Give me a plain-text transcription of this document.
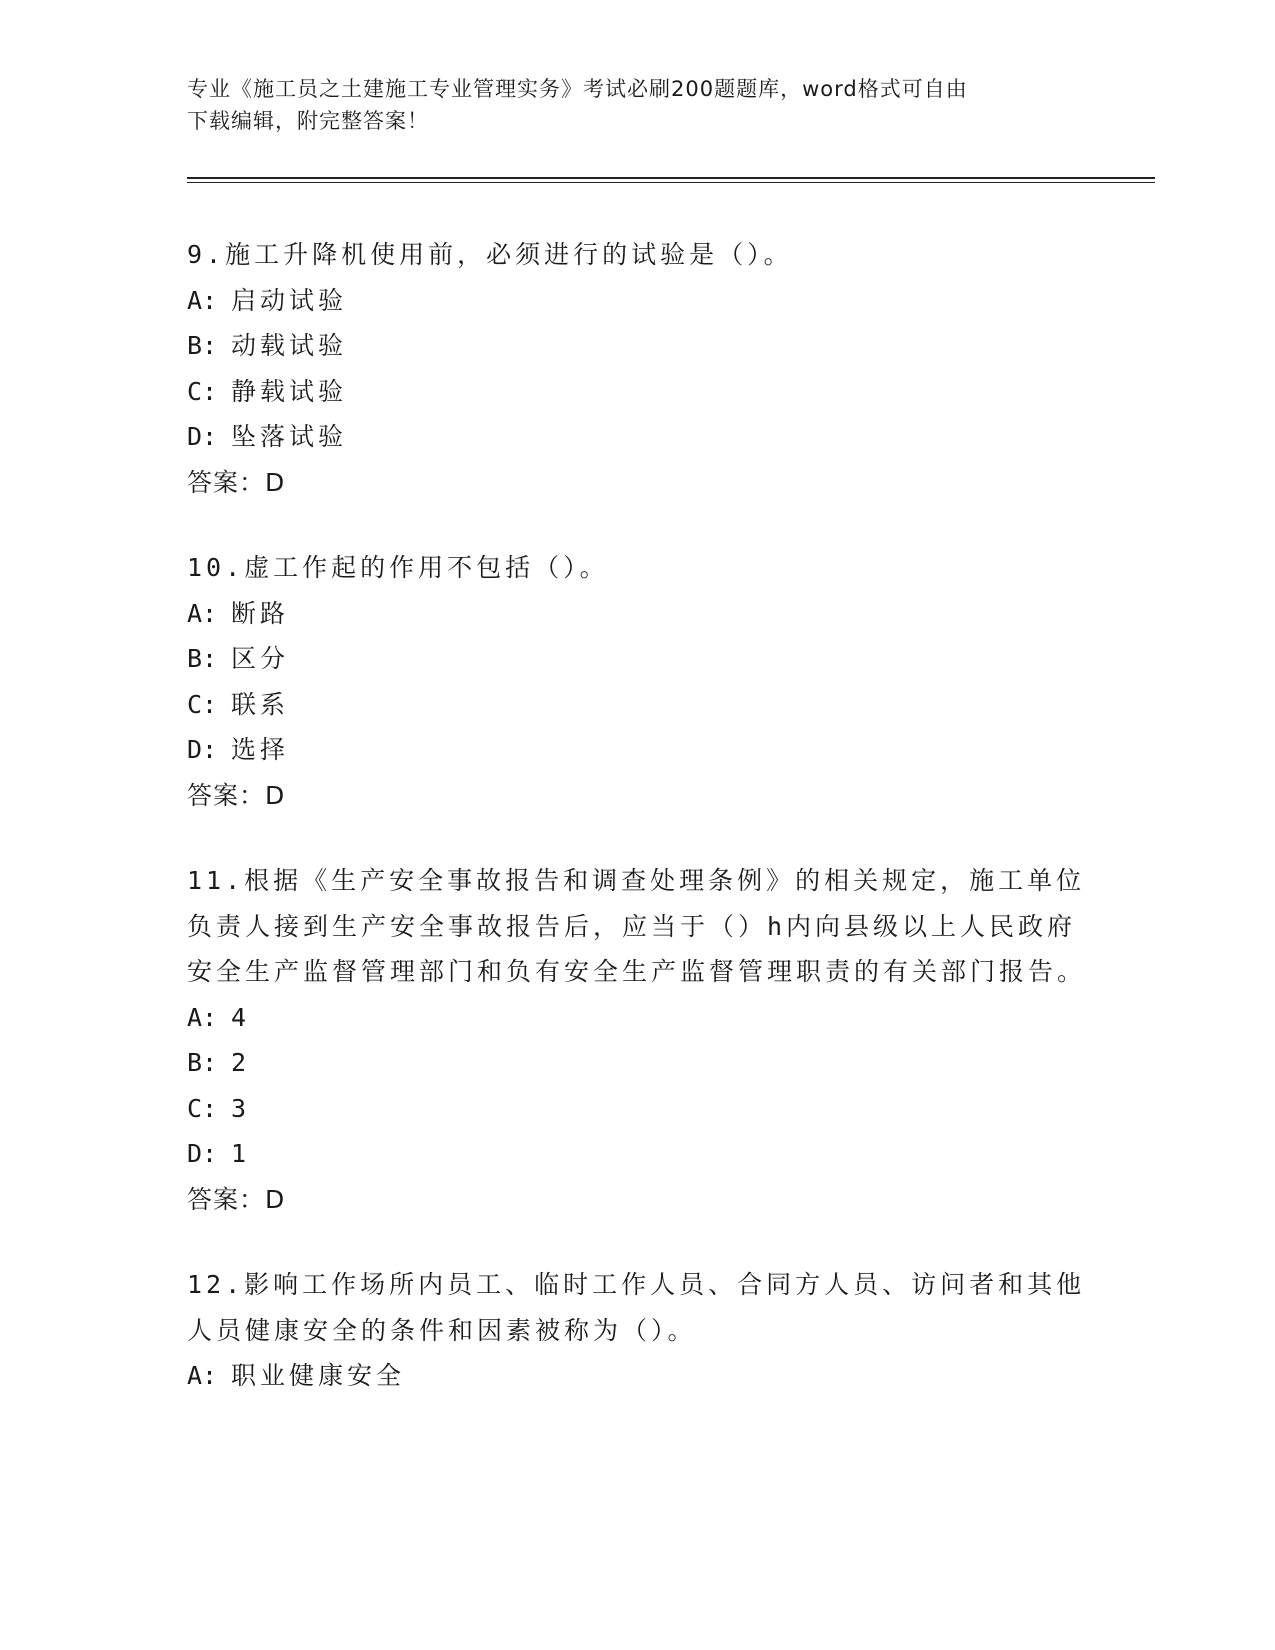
专业《施工员之土建施工专业管理实务》考试必刷200题题库，word格式可自由
下载编辑，附完整答案！

9.施工升降机使用前，必须进行的试验是（）。

A: 启动试验

B: 动载试验

C: 静载试验

D: 坠落试验

答案：D

10.虚工作起的作用不包括（）。

A: 断路

B: 区分

C: 联系

D: 选择

答案：D

11.根据《生产安全事故报告和调查处理条例》的相关规定，施工单位负责人接到生产安全事故报告后，应当于（）h内向县级以上人民政府安全生产监督管理部门和负有安全生产监督管理职责的有关部门报告。

A: 4

B: 2

C: 3

D: 1

答案：D

12.影响工作场所内员工、临时工作人员、合同方人员、访问者和其他人员健康安全的条件和因素被称为（）。

A: 职业健康安全
